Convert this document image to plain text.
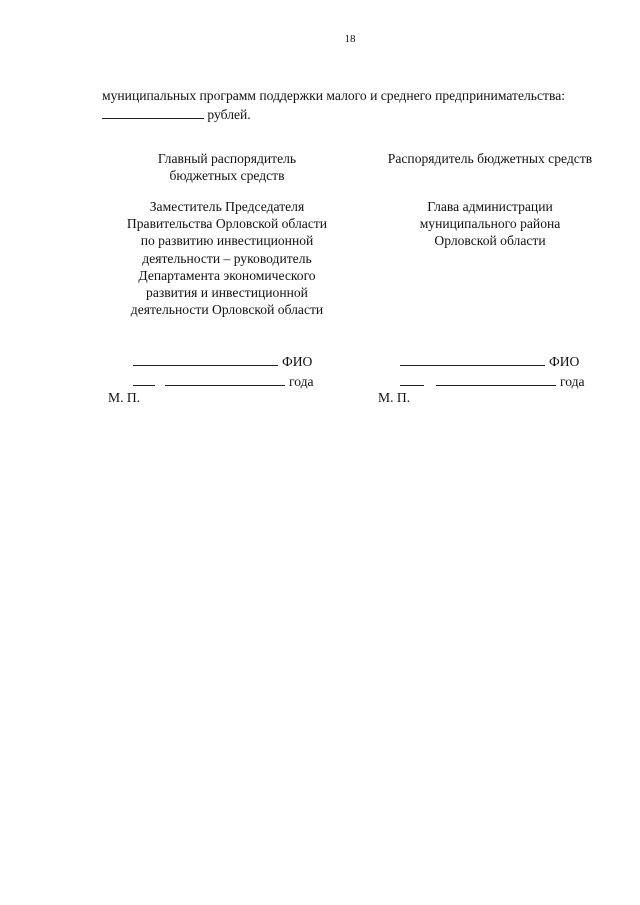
18
муниципальных программ поддержки малого и среднего предпринимательства:
рублей.

Главный распорядитель

бюджетных средств

Распорядитель бюджетных средств

Заместитель Председателя

Правительства Орловской области

по развитию инвестиционной

деятельности – руководитель

Департамента экономического

развития и инвестиционной

деятельности Орловской области

Глава администрации

муниципального района

Орловской области

ФИО
года
М. П.
ФИО
года
М. П.
